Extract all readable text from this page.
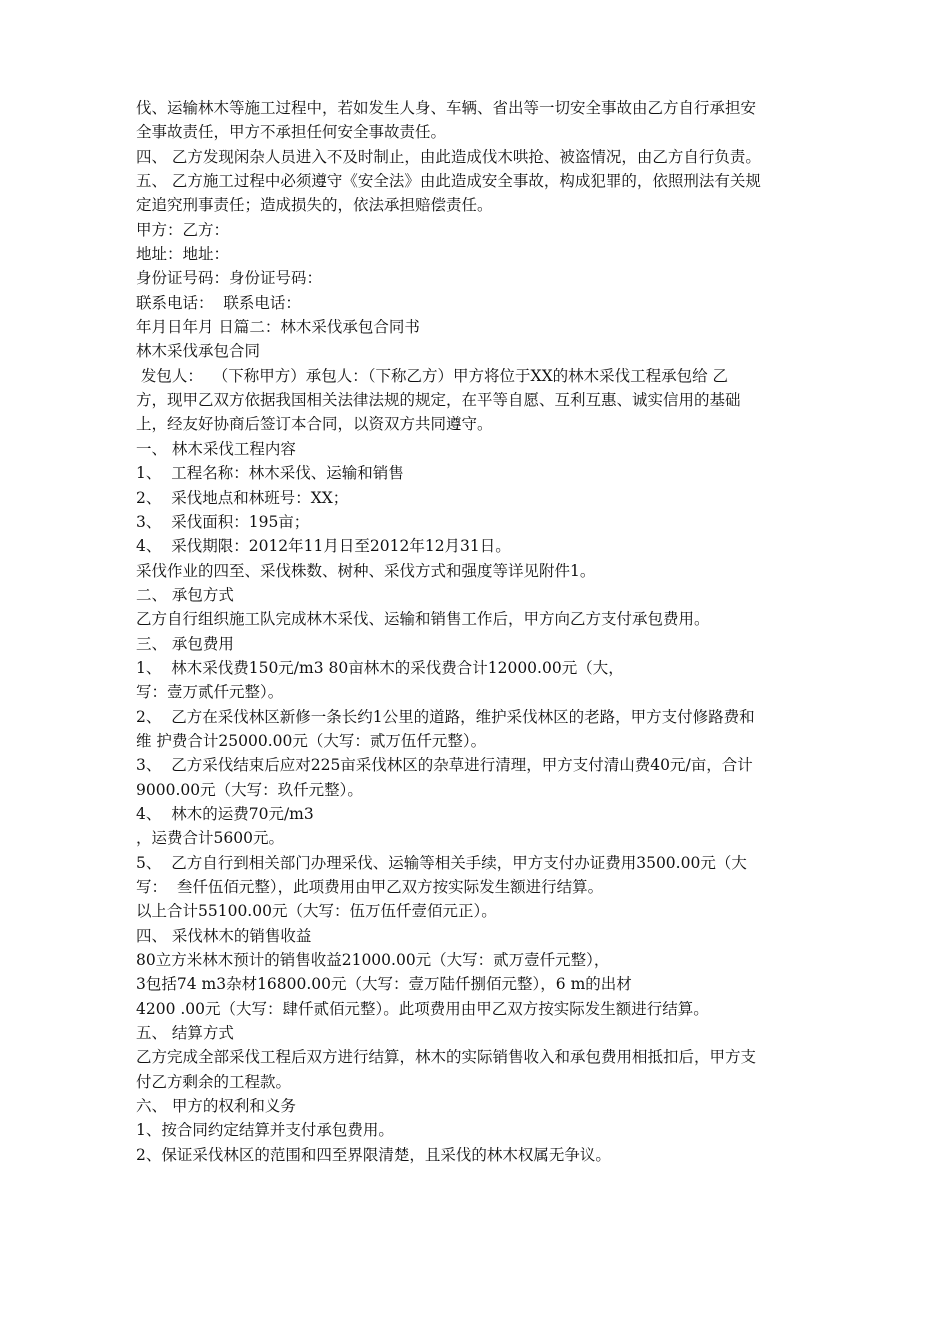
伐、运输林木等施工过程中，若如发生人身、车辆、省出等一切安全事故由乙方自行承担安
全事故责任，甲方不承担任何安全事故责任。
四、 乙方发现闲杂人员进入不及时制止，由此造成伐木哄抢、被盗情况，由乙方自行负责。
五、 乙方施工过程中必须遵守《安全法》由此造成安全事故，构成犯罪的，依照刑法有关规
定追究刑事责任；造成损失的，依法承担赔偿责任。
甲方：乙方：
地址：地址：
身份证号码：身份证号码：
联系电话：  联系电话：
年月日年月 日篇二：林木采伐承包合同书
林木采伐承包合同
发包人：  （下称甲方）承包人：（下称乙方）甲方将位于XX的林木采伐工程承包给 乙
方，现甲乙双方依据我国相关法律法规的规定，在平等自愿、互利互惠、诚实信用的基础
上，经友好协商后签订本合同，以资双方共同遵守。
一、 林木采伐工程内容
1、  工程名称：林木采伐、运输和销售
2、  采伐地点和林班号：XX；
3、  采伐面积：195亩；
4、  采伐期限：2012年11月日至2012年12月31日。
采伐作业的四至、采伐株数、树种、采伐方式和强度等详见附件1。
二、 承包方式
乙方自行组织施工队完成林木采伐、运输和销售工作后，甲方向乙方支付承包费用。
三、 承包费用
1、  林木采伐费150元/m3 80亩林木的采伐费合计12000.00元（大，
写：壹万贰仟元整）。
2、  乙方在采伐林区新修一条长约1公里的道路，维护采伐林区的老路，甲方支付修路费和
维 护费合计25000.00元（大写：贰万伍仟元整）。
3、  乙方采伐结束后应对225亩采伐林区的杂草进行清理，甲方支付清山费40元/亩，合计
9000.00元（大写：玖仟元整）。
4、  林木的运费70元/m3
，运费合计5600元。
5、  乙方自行到相关部门办理采伐、运输等相关手续，甲方支付办证费用3500.00元（大
写：  叁仟伍佰元整），此项费用由甲乙双方按实际发生额进行结算。
以上合计55100.00元（大写：伍万伍仟壹佰元正）。
四、 采伐林木的销售收益
80立方米林木预计的销售收益21000.00元（大写：贰万壹仟元整），
3包括74 m3杂材16800.00元（大写：壹万陆仟捌佰元整），6 m的出材
4200 .00元（大写：肆仟贰佰元整）。此项费用由甲乙双方按实际发生额进行结算。
五、 结算方式
乙方完成全部采伐工程后双方进行结算，林木的实际销售收入和承包费用相抵扣后，甲方支
付乙方剩余的工程款。
六、 甲方的权利和义务
1、按合同约定结算并支付承包费用。
2、保证采伐林区的范围和四至界限清楚，且采伐的林木权属无争议。
